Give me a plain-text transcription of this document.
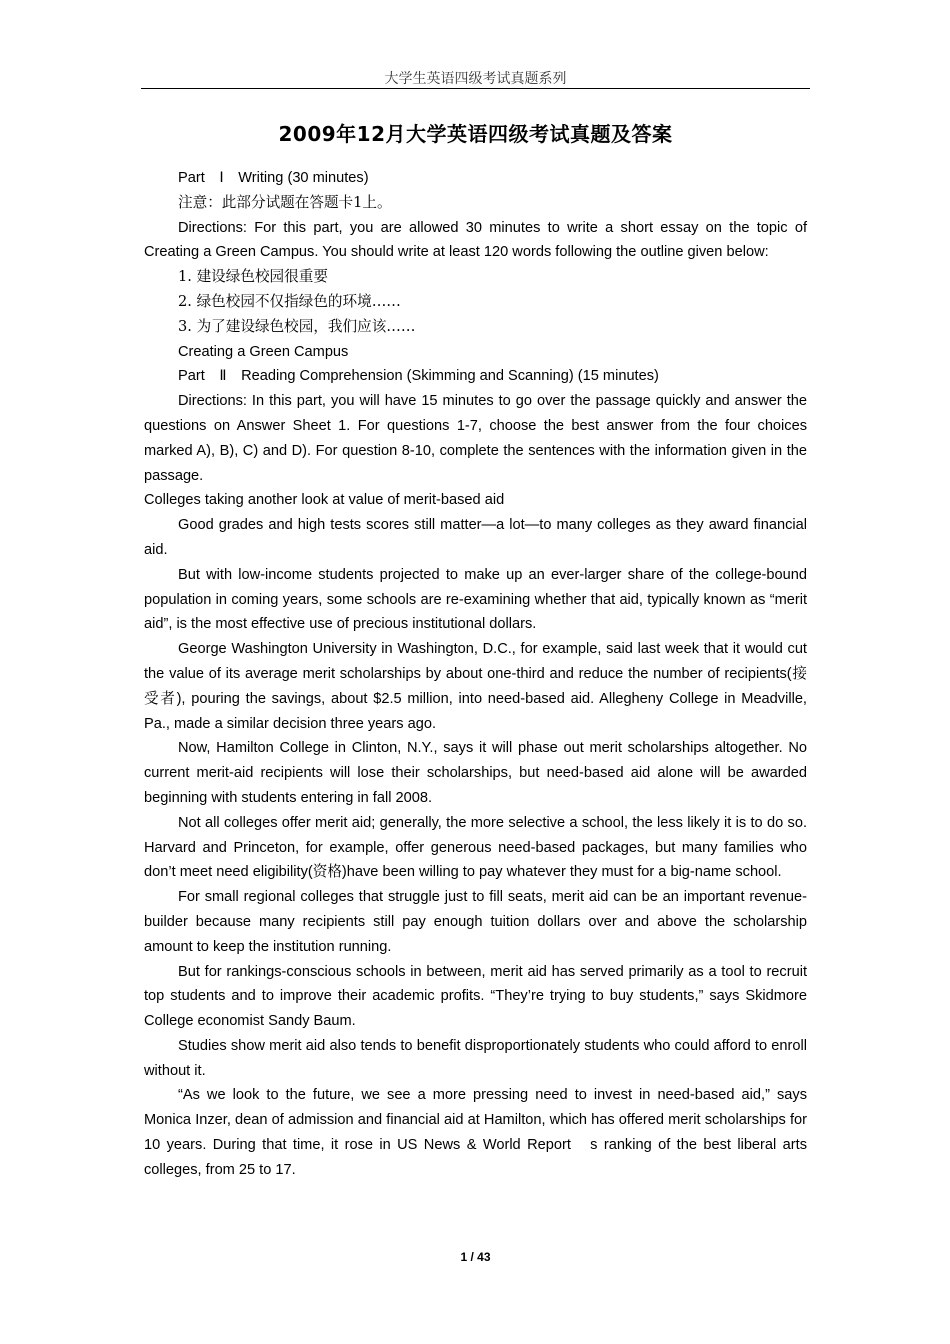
大学生英语四级考试真题系列
2009年12月大学英语四级考试真题及答案

Part　Ⅰ　Writing (30 minutes)

注意：此部分试题在答题卡1上。

Directions: For this part, you are allowed 30 minutes to write a short essay on the topic of Creating a Green Campus. You should write at least 120 words following the outline given below:

1. 建设绿色校园很重要

2. 绿色校园不仅指绿色的环境……

3. 为了建设绿色校园，我们应该……

Creating a Green Campus

Part　Ⅱ　Reading Comprehension (Skimming and Scanning) (15 minutes)

Directions: In this part, you will have 15 minutes to go over the passage quickly and answer the questions on Answer Sheet 1. For questions 1-7, choose the best answer from the four choices marked A), B), C) and D). For question 8-10, complete the sentences with the information given in the passage.

Colleges taking another look at value of merit-based aid

Good grades and high tests scores still matter—a lot—to many colleges as they award financial aid.

But with low-income students projected to make up an ever-larger share of the college-bound population in coming years, some schools are re-examining whether that aid, typically known as “merit aid”, is the most effective use of precious institutional dollars.

George Washington University in Washington, D.C., for example, said last week that it would cut the value of its average merit scholarships by about one-third and reduce the number of recipients(接受者), pouring the savings, about $2.5 million, into need-based aid. Allegheny College in Meadville, Pa., made a similar decision three years ago.

Now, Hamilton College in Clinton, N.Y., says it will phase out merit scholarships altogether. No current merit-aid recipients will lose their scholarships, but need-based aid alone will be awarded beginning with students entering in fall 2008.

Not all colleges offer merit aid; generally, the more selective a school, the less likely it is to do so. Harvard and Princeton, for example, offer generous need-based packages, but many families who don’t meet need eligibility(资格)have been willing to pay whatever they must for a big-name school.

For small regional colleges that struggle just to fill seats, merit aid can be an important revenue-builder because many recipients still pay enough tuition dollars over and above the scholarship amount to keep the institution running.

But for rankings-conscious schools in between, merit aid has served primarily as a tool to recruit top students and to improve their academic profits. “They’re trying to buy students,” says Skidmore College economist Sandy Baum.

Studies show merit aid also tends to benefit disproportionately students who could afford to enroll without it.

“As we look to the future, we see a more pressing need to invest in need-based aid,” says Monica Inzer, dean of admission and financial aid at Hamilton, which has offered merit scholarships for 10 years. During that time, it rose in US News & World Report　s ranking of the best liberal arts colleges, from 25 to 17.

1 / 43
